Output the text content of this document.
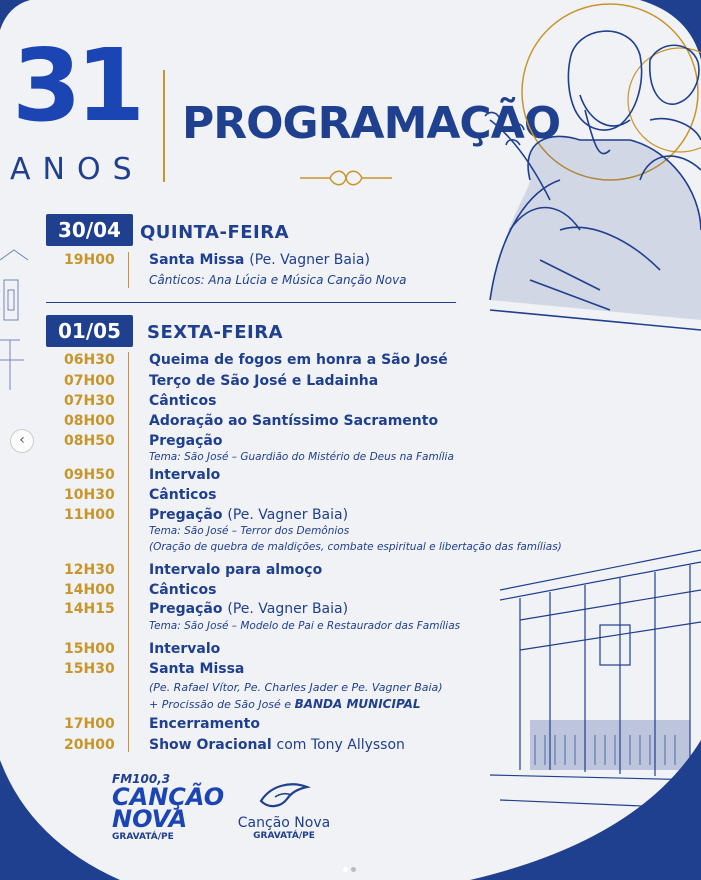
31
ANOS
PROGRAMAÇÃO
30/04	QUINTA-FEIRA
19H00 Santa Missa (Pe. Vagner Baia)
Cânticos: Ana Lúcia e Música Canção Nova
01/05	SEXTA-FEIRA
06H30 Queima de fogos em honra a São José
07H00 Terço de São José e Ladainha
07H30 Cânticos
08H00 Adoração ao Santíssimo Sacramento
08H50 Pregação
Tema: São José – Guardião do Mistério de Deus na Família
09H50 Intervalo
10H30 Cânticos
11H00 Pregação (Pe. Vagner Baia)
Tema: São José – Terror dos Demônios
(Oração de quebra de maldições, combate espiritual e libertação das famílias)
12H30 Intervalo para almoço
14H00 Cânticos
14H15 Pregação (Pe. Vagner Baia)
Tema: São José – Modelo de Pai e Restaurador das Famílias
15H00 Intervalo
15H30 Santa Missa
(Pe. Rafael Vítor, Pe. Charles Jader e Pe. Vagner Baia)
+ Procissão de São José e BANDA MUNICIPAL
17H00 Encerramento
20H00 Show Oracional com Tony Allysson
‹
FM100,3
CANÇÃO
NOVA
GRAVATÁ/PE
Canção Nova
GRAVATÁ/PE
